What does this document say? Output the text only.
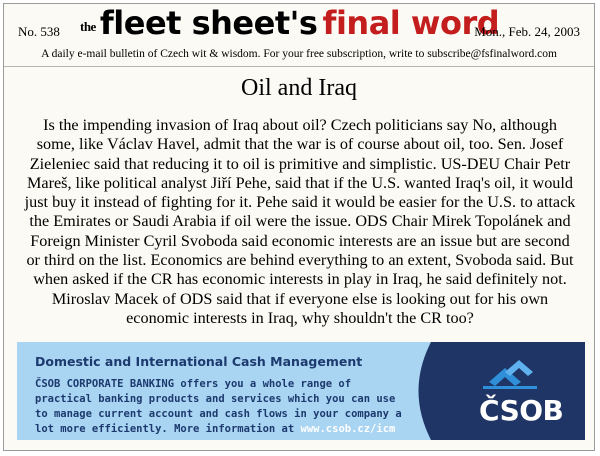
No. 538 the fleet sheet's final word
Mon., Feb. 24, 2003
A daily e-mail bulletin of Czech wit & wisdom. For your free subscription, write to subscribe@fsfinalword.com
Oil and Iraq

Is the impending invasion of Iraq about oil? Czech politicians say No, although some, like Václav Havel, admit that the war is of course about oil, too. Sen. Josef Zieleniec said that reducing it to oil is primitive and simplistic. US-DEU Chair Petr Mareš, like political analyst Jiří Pehe, said that if the U.S. wanted Iraq's oil, it would just buy it instead of fighting for it. Pehe said it would be easier for the U.S. to attack the Emirates or Saudi Arabia if oil were the issue. ODS Chair Mirek Topolánek and Foreign Minister Cyril Svoboda said economic interests are an issue but are second or third on the list. Economics are behind everything to an extent, Svoboda said. But when asked if the CR has economic interests in play in Iraq, he said definitely not. Miroslav Macek of ODS said that if everyone else is looking out for his own economic interests in Iraq, why shouldn't the CR too?

Domestic and International Cash Management
ČSOB CORPORATE BANKING offers you a whole range of practical banking products and services which you can use to manage current account and cash flows in your company a lot more efficiently. More information at www.csob.cz/icm
ČSOB
